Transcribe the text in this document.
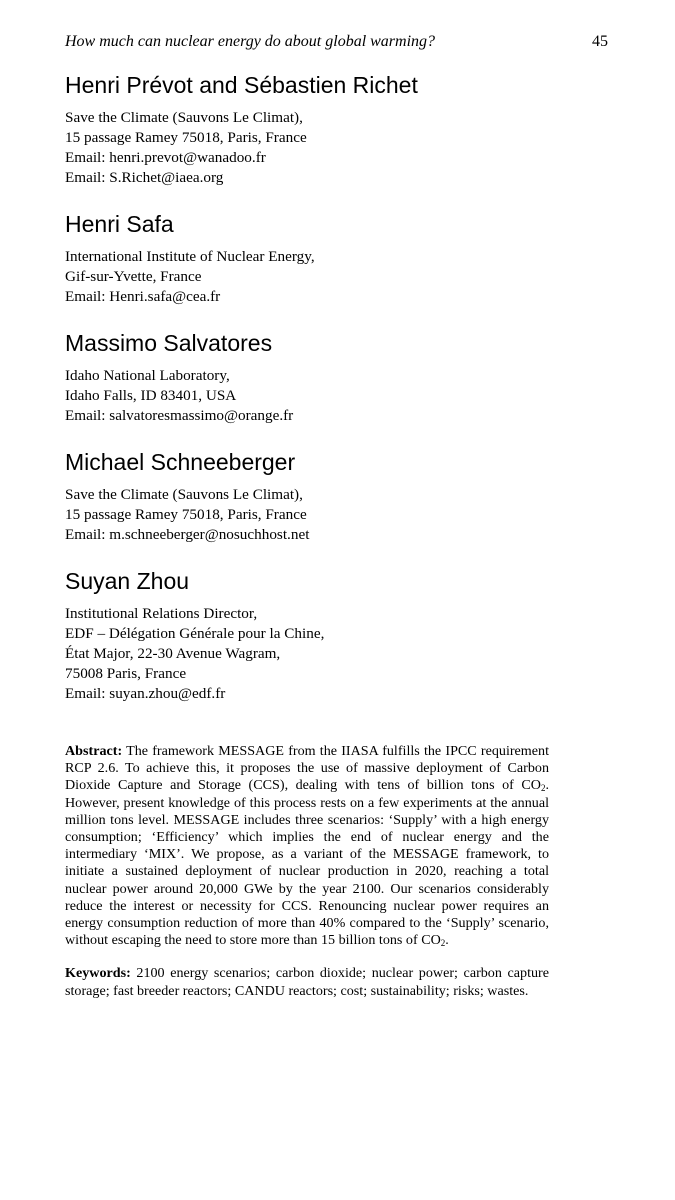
How much can nuclear energy do about global warming?	45
Henri Prévot and Sébastien Richet

Save the Climate (Sauvons Le Climat),

15 passage Ramey 75018, Paris, France

Email: henri.prevot@wanadoo.fr

Email: S.Richet@iaea.org

Henri Safa

International Institute of Nuclear Energy,

Gif-sur-Yvette, France

Email: Henri.safa@cea.fr

Massimo Salvatores

Idaho National Laboratory,

Idaho Falls, ID 83401, USA

Email: salvatoresmassimo@orange.fr

Michael Schneeberger

Save the Climate (Sauvons Le Climat),

15 passage Ramey 75018, Paris, France

Email: m.schneeberger@nosuchhost.net

Suyan Zhou

Institutional Relations Director,

EDF – Délégation Générale pour la Chine,

État Major, 22-30 Avenue Wagram,

75008 Paris, France

Email: suyan.zhou@edf.fr

Abstract: The framework MESSAGE from the IIASA fulfills the IPCC requirement RCP 2.6. To achieve this, it proposes the use of massive deployment of Carbon Dioxide Capture and Storage (CCS), dealing with tens of billion tons of $CO_2$. However, present knowledge of this process rests on a few experiments at the annual million tons level. MESSAGE includes three scenarios: ‘Supply’ with a high energy consumption; ‘Efficiency’ which implies the end of nuclear energy and the intermediary ‘MIX’. We propose, as a variant of the MESSAGE framework, to initiate a sustained deployment of nuclear production in 2020, reaching a total nuclear power around 20,000 GWe by the year 2100. Our scenarios considerably reduce the interest or necessity for CCS. Renouncing nuclear power requires an energy consumption reduction of more than 40% compared to the ‘Supply’ scenario, without escaping the need to store more than 15 billion tons of $CO_2$.

Keywords: 2100 energy scenarios; carbon dioxide; nuclear power; carbon capture storage; fast breeder reactors; CANDU reactors; cost; sustainability; risks; wastes.
